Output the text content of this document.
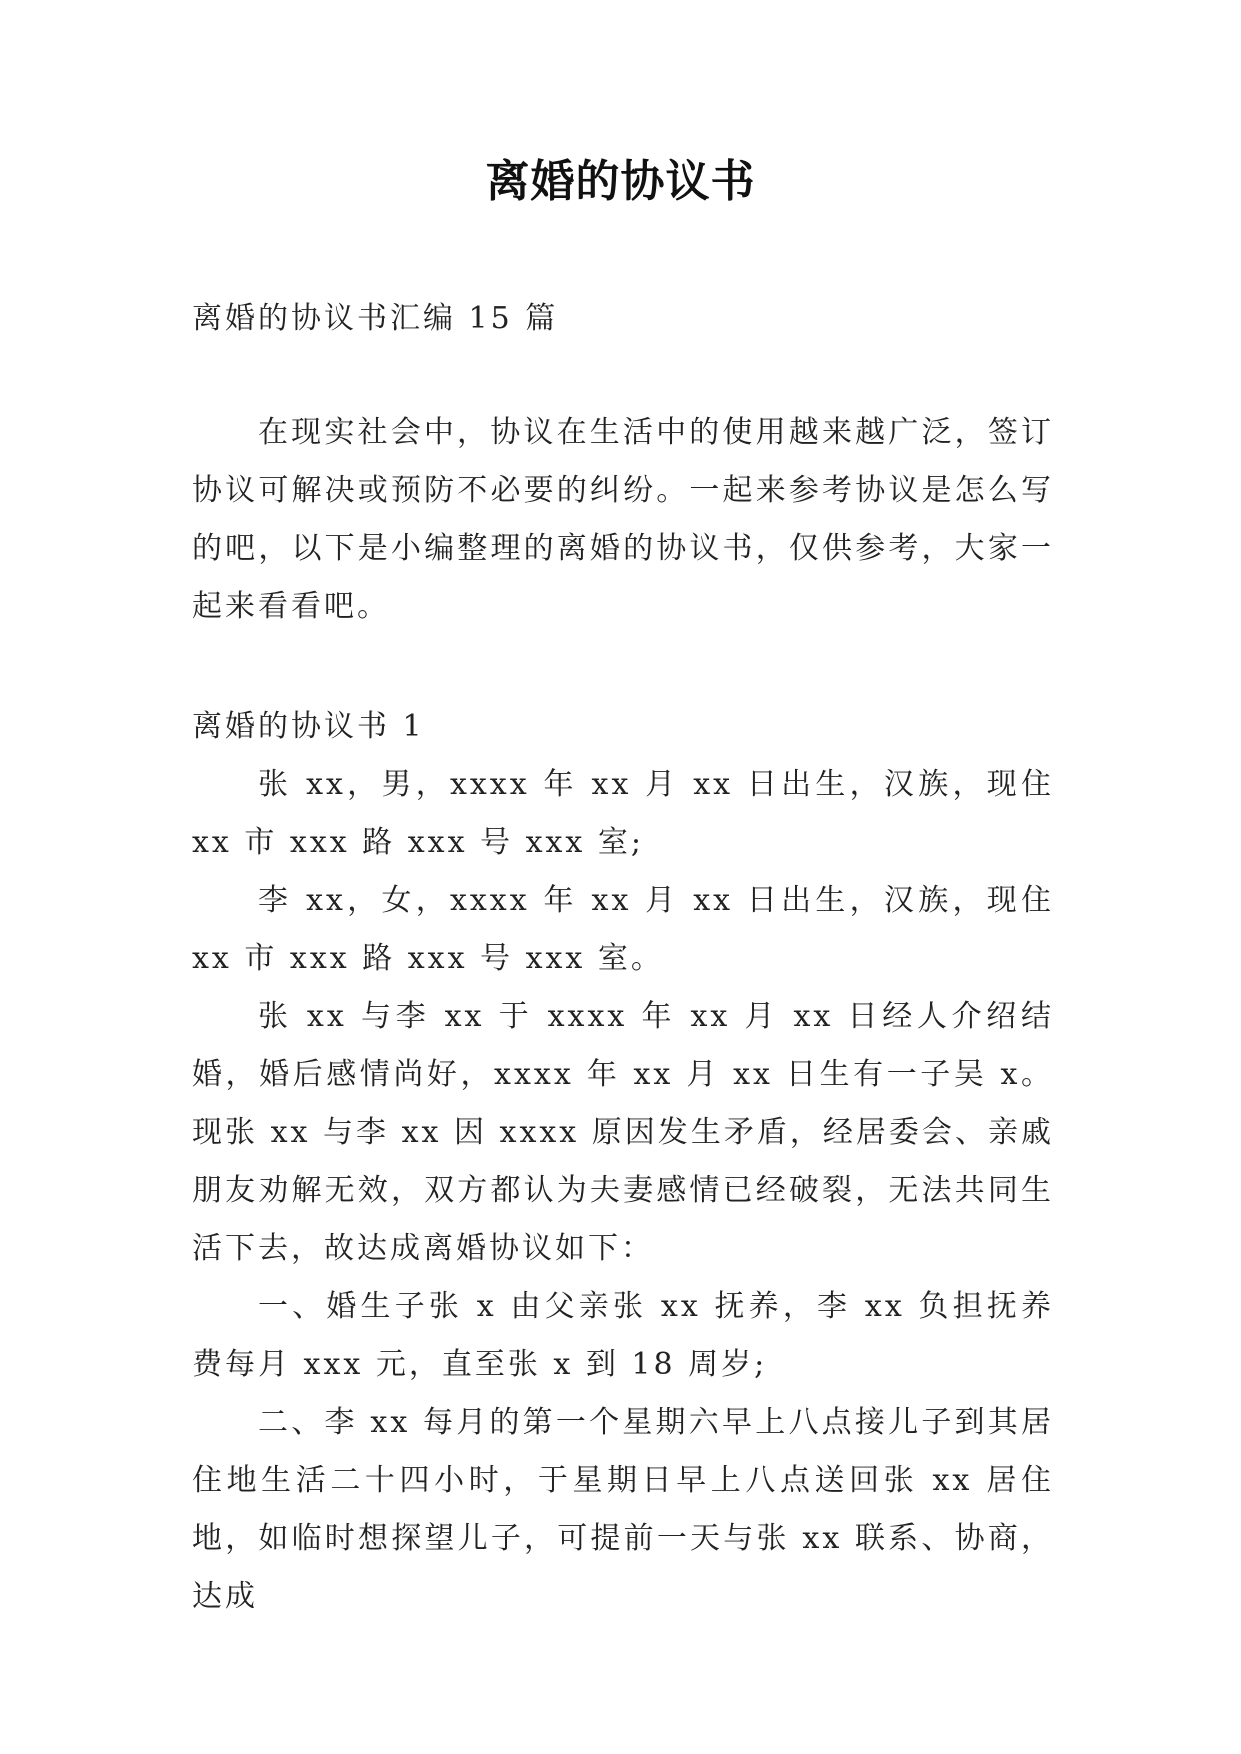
离婚的协议书
离婚的协议书汇编 15 篇
在现实社会中，协议在生活中的使用越来越广泛，签订协议可解决或预防不必要的纠纷。一起来参考协议是怎么写的吧，以下是小编整理的离婚的协议书，仅供参考，大家一起来看看吧。
离婚的协议书 1

张 xx，男，xxxx 年 xx 月 xx 日出生，汉族，现住 xx 市 xxx 路 xxx 号 xxx 室;

李 xx，女，xxxx 年 xx 月 xx 日出生，汉族，现住 xx 市 xxx 路 xxx 号 xxx 室。

张 xx 与李 xx 于 xxxx 年 xx 月 xx 日经人介绍结婚，婚后感情尚好，xxxx 年 xx 月 xx 日生有一子吴 x。现张 xx 与李 xx 因 xxxx 原因发生矛盾，经居委会、亲戚朋友劝解无效，双方都认为夫妻感情已经破裂，无法共同生活下去，故达成离婚协议如下：

一、婚生子张 x 由父亲张 xx 抚养，李 xx 负担抚养费每月 xxx 元，直至张 x 到 18 周岁;

二、李 xx 每月的第一个星期六早上八点接儿子到其居住地生活二十四小时，于星期日早上八点送回张 xx 居住地，如临时想探望儿子，可提前一天与张 xx 联系、协商，达成
